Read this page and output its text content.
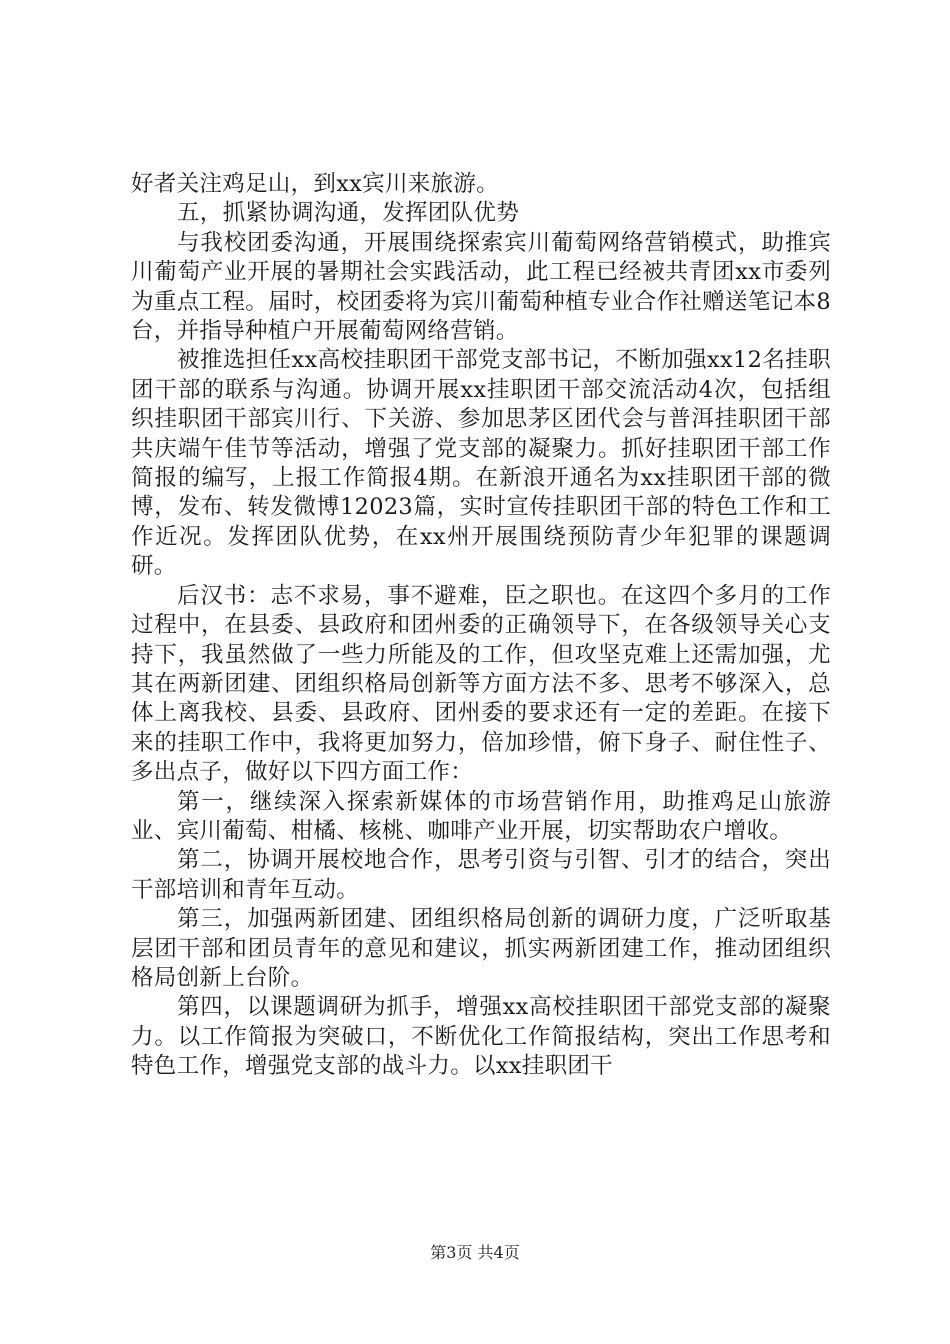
好者关注鸡足山，到xx宾川来旅游。

五，抓紧协调沟通，发挥团队优势

与我校团委沟通，开展围绕探索宾川葡萄网络营销模式，助推宾川葡萄产业开展的暑期社会实践活动，此工程已经被共青团xx市委列为重点工程。届时，校团委将为宾川葡萄种植专业合作社赠送笔记本8台，并指导种植户开展葡萄网络营销。

被推选担任xx高校挂职团干部党支部书记，不断加强xx12名挂职团干部的联系与沟通。协调开展xx挂职团干部交流活动4次，包括组织挂职团干部宾川行、下关游、参加思茅区团代会与普洱挂职团干部共庆端午佳节等活动，增强了党支部的凝聚力。抓好挂职团干部工作简报的编写，上报工作简报4期。在新浪开通名为xx挂职团干部的微博，发布、转发微博12023篇，实时宣传挂职团干部的特色工作和工作近况。发挥团队优势，在xx州开展围绕预防青少年犯罪的课题调研。

后汉书：志不求易，事不避难，臣之职也。在这四个多月的工作过程中，在县委、县政府和团州委的正确领导下，在各级领导关心支持下，我虽然做了一些力所能及的工作，但攻坚克难上还需加强，尤其在两新团建、团组织格局创新等方面方法不多、思考不够深入，总体上离我校、县委、县政府、团州委的要求还有一定的差距。在接下来的挂职工作中，我将更加努力，倍加珍惜，俯下身子、耐住性子、多出点子，做好以下四方面工作：

第一，继续深入探索新媒体的市场营销作用，助推鸡足山旅游业、宾川葡萄、柑橘、核桃、咖啡产业开展，切实帮助农户增收。

第二，协调开展校地合作，思考引资与引智、引才的结合，突出干部培训和青年互动。

第三，加强两新团建、团组织格局创新的调研力度，广泛听取基层团干部和团员青年的意见和建议，抓实两新团建工作，推动团组织格局创新上台阶。

第四，以课题调研为抓手，增强xx高校挂职团干部党支部的凝聚力。以工作简报为突破口，不断优化工作简报结构，突出工作思考和特色工作，增强党支部的战斗力。以xx挂职团干

第3页 共4页
